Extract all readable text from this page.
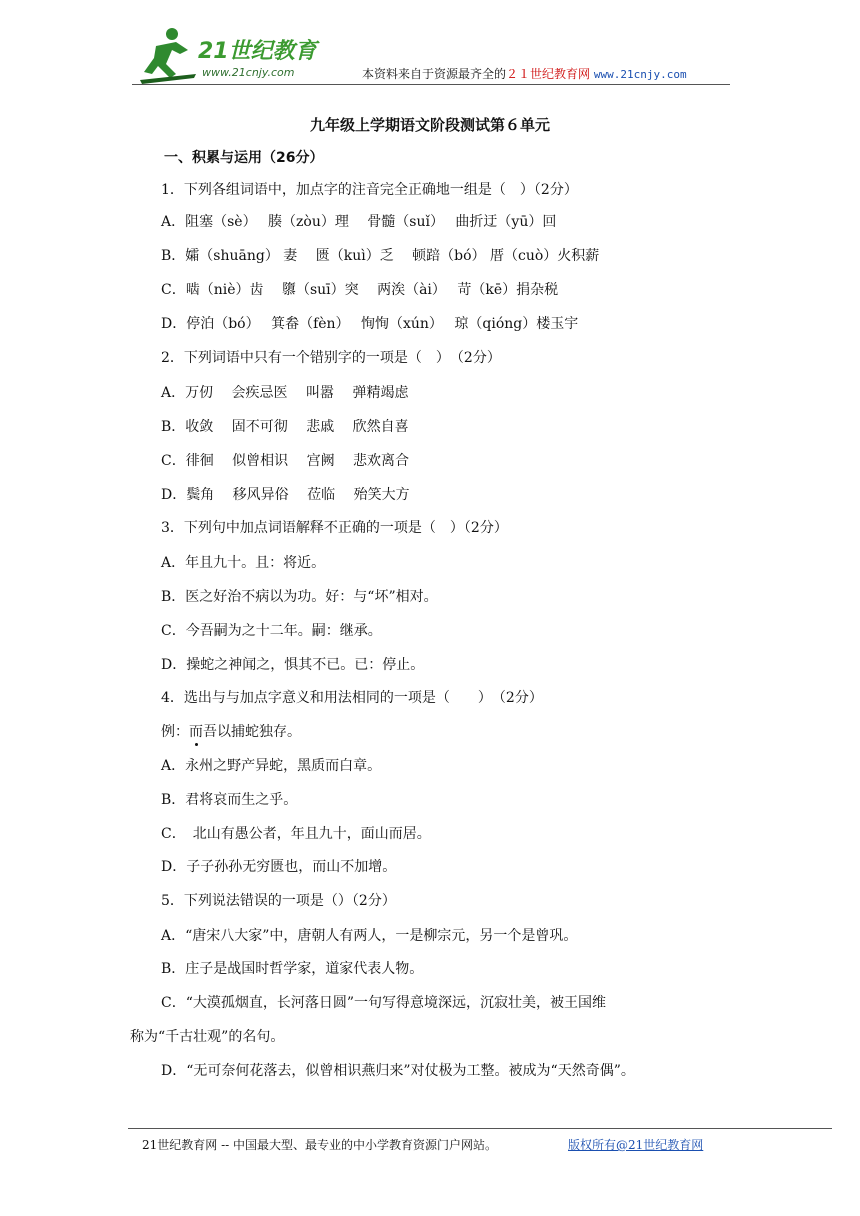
21世纪教育
www.21cnjy.com	本资料来自于资源最齐全的２１世纪教育网 www.21cnjy.com
九年级上学期语文阶段测试第６单元
一、积累与运用（26分）
1．下列各组词语中，加点字的注音完全正确地一组是（　）（2分）
A．阻塞（sè）　 腠（zòu）理　 骨髓（suǐ）　 曲折迂（yū）回
B．孀（shuāng） 妻　 匮（kuì）乏　 顿踣（bó） 厝（cuò）火积薪
C．啮（niè）齿　 隳（suī）突　 两涘（ài）　 苛（kē）捐杂税
D．停泊（bó）　 箕畚（fèn）　 恂恂（xún）　 琼（qióng）楼玉宇
2．下列词语中只有一个错别字的一项是（　）　（2分）
A．万仞　 会疾忌医　 叫嚣　 弹精竭虑
B．收敛　 固不可彻　 悲戚　 欣然自喜
C．徘徊　 似曾相识　 宫阙　 悲欢离合
D．鬓角　 移风异俗　 莅临　 殆笑大方
3．下列句中加点词语解释不正确的一项是（　）（2分）
A．年且九十。且：将近。
B．医之好治不病以为功。好：与“坏”相对。
C．今吾嗣为之十二年。嗣：继承。
D．操蛇之神闻之，惧其不已。已：停止。
4．选出与与加点字意义和用法相同的一项是（　　）　（2分）
例：而吾以捕蛇独存。
A．永州之野产异蛇，黑质而白章。
B．君将哀而生之乎。
C．　北山有愚公者，年且九十，面山而居。
D．子子孙孙无穷匮也，而山不加增。
5．下列说法错误的一项是（）（2分）
A．“唐宋八大家”中，唐朝人有两人，一是柳宗元，另一个是曾巩。
B．庄子是战国时哲学家，道家代表人物。
C．“大漠孤烟直，长河落日圆”一句写得意境深远，沉寂壮美，被王国维
称为“千古壮观”的名句。
D．“无可奈何花落去，似曾相识燕归来”对仗极为工整。被成为“天然奇偶”。
21世纪教育网 -- 中国最大型、最专业的中小学教育资源门户网站。	版权所有@21世纪教育网
